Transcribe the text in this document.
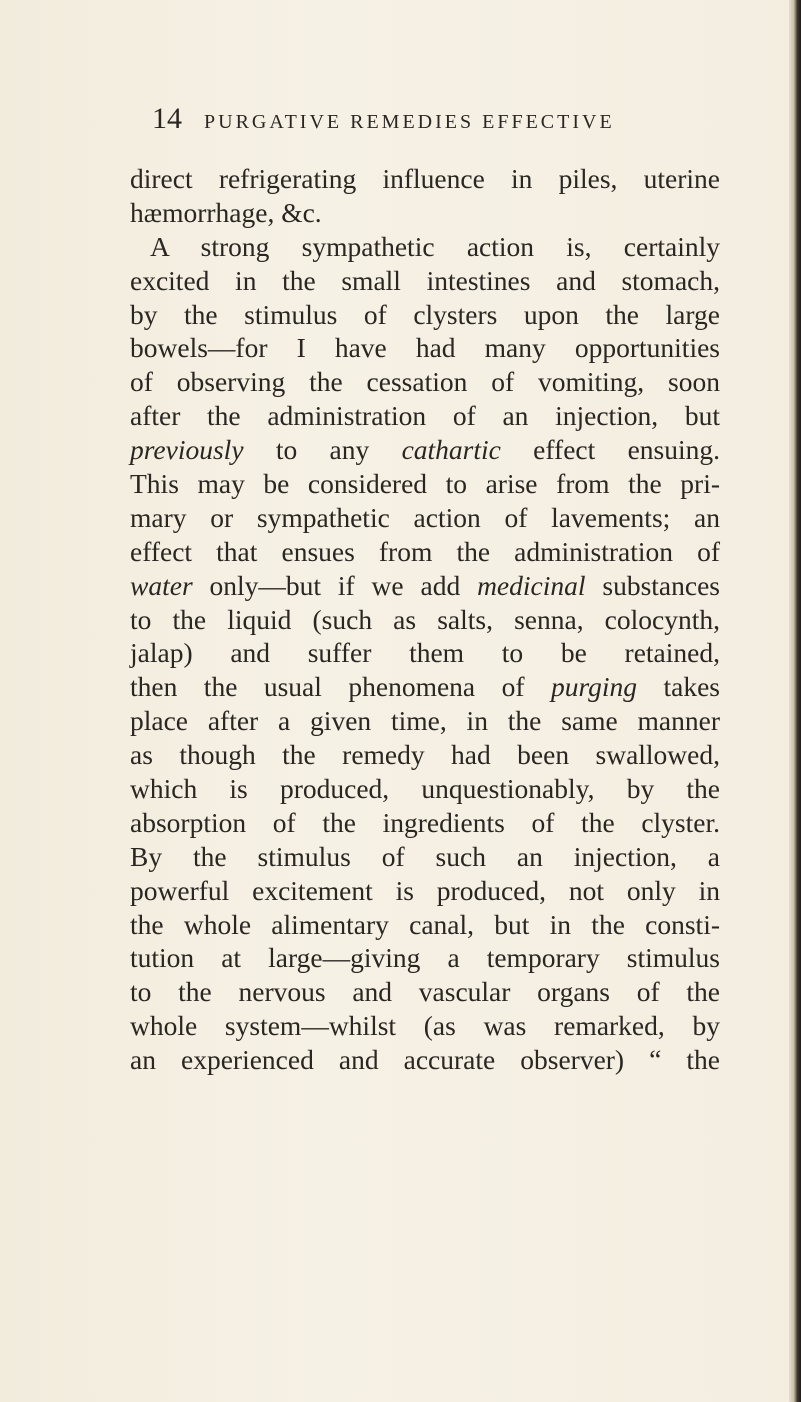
14 PURGATIVE REMEDIES EFFECTIVE
direct refrigerating influence in piles, uterine
hæmorrhage, &c.
A strong sympathetic action is, certainly
excited in the small intestines and stomach,
by the stimulus of clysters upon the large
bowels—for I have had many opportunities
of observing the cessation of vomiting, soon
after the administration of an injection, but
previously to any cathartic effect ensuing.
This may be considered to arise from the pri-
mary or sympathetic action of lavements; an
effect that ensues from the administration of
water only—but if we add medicinal substances
to the liquid (such as salts, senna, colocynth,
jalap) and suffer them to be retained,
then the usual phenomena of purging takes
place after a given time, in the same manner
as though the remedy had been swallowed,
which is produced, unquestionably, by the
absorption of the ingredients of the clyster.
By the stimulus of such an injection, a
powerful excitement is produced, not only in
the whole alimentary canal, but in the consti-
tution at large—giving a temporary stimulus
to the nervous and vascular organs of the
whole system—whilst (as was remarked, by
an experienced and accurate observer) “ the
